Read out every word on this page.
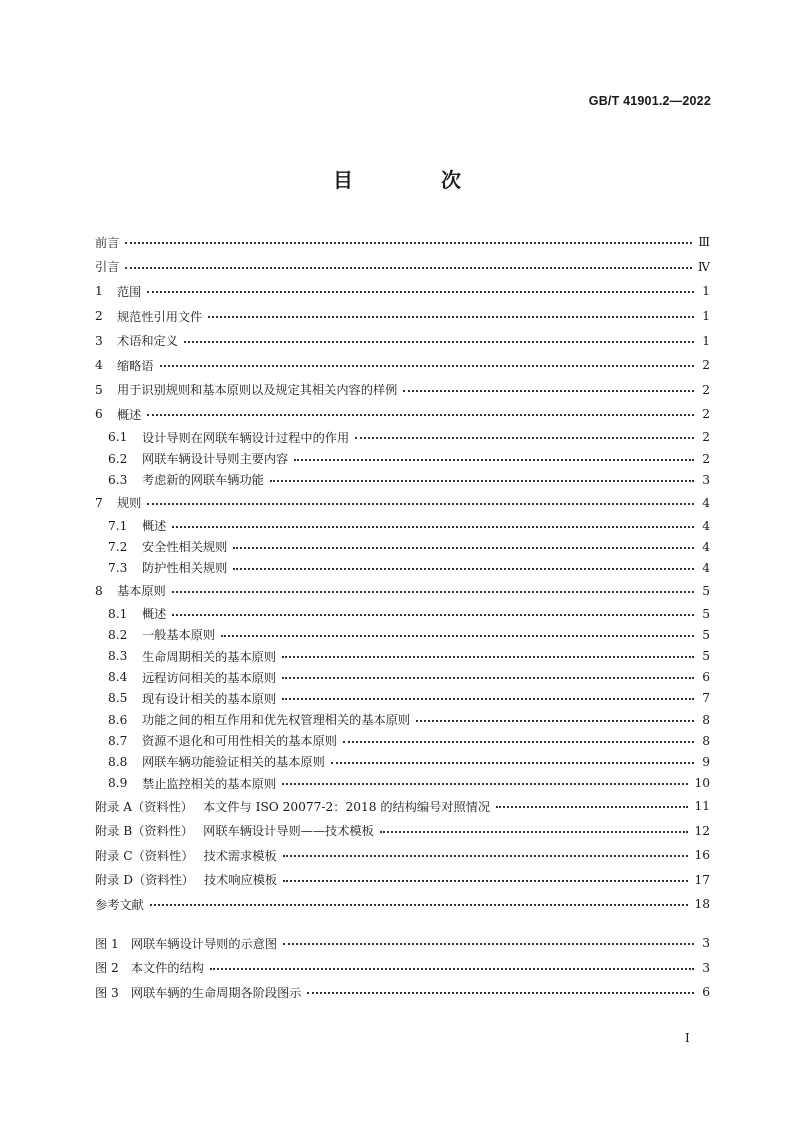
GB/T 41901.2—2022
目　次
前言	Ⅲ
引言	Ⅳ
1	范围	1
2	规范性引用文件	1
3	术语和定义	1
4	缩略语	2
5	用于识别规则和基本原则以及规定其相关内容的样例	2
6	概述	2
6.1	设计导则在网联车辆设计过程中的作用	2
6.2	网联车辆设计导则主要内容	2
6.3	考虑新的网联车辆功能	3
7	规则	4
7.1	概述	4
7.2	安全性相关规则	4
7.3	防护性相关规则	4
8	基本原则	5
8.1	概述	5
8.2	一般基本原则	5
8.3	生命周期相关的基本原则	5
8.4	远程访问相关的基本原则	6
8.5	现有设计相关的基本原则	7
8.6	功能之间的相互作用和优先权管理相关的基本原则	8
8.7	资源不退化和可用性相关的基本原则	8
8.8	网联车辆功能验证相关的基本原则	9
8.9	禁止监控相关的基本原则	10
附录 A（资料性） 本文件与 ISO 20077-2：2018 的结构编号对照情况	11
附录 B（资料性） 网联车辆设计导则——技术模板	12
附录 C（资料性） 技术需求模板	16
附录 D（资料性） 技术响应模板	17
参考文献	18
图 1 网联车辆设计导则的示意图	3
图 2 本文件的结构	3
图 3 网联车辆的生命周期各阶段图示	6
I
